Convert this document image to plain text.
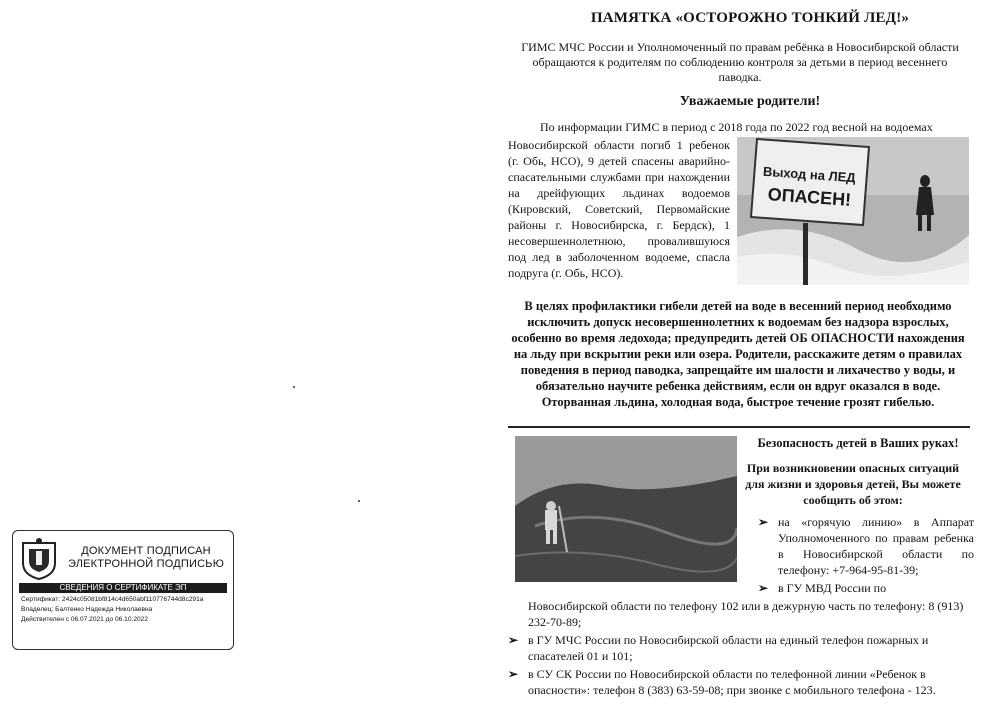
ПАМЯТКА «ОСТОРОЖНО ТОНКИЙ ЛЕД!»
ГИМС МЧС России и Уполномоченный по правам ребёнка в Новосибирской области обращаются к родителям по соблюдению контроля за детьми в период весеннего паводка.
Уважаемые родители!
По информации ГИМС в период с 2018 года по 2022 год весной на водоемах
Новосибирской области погиб 1 ребенок (г. Обь, НСО), 9 детей спасены аварийно-спасательными службами при нахождении на дрейфующих льдинах водоемов (Кировский, Советский, Первомайские районы г. Новосибирска, г. Бердск), 1 несовершеннолетнюю, провалившуюся под лед в заболоченном водоеме, спасла подруга (г. Обь, НСО).
Выход на ЛЕД
ОПАСЕН!
В целях профилактики гибели детей на воде в весенний период необходимо исключить допуск несовершеннолетних к водоемам без надзора взрослых, особенно во время ледохода; предупредить детей ОБ ОПАСНОСТИ нахождения на льду при вскрытии реки или озера. Родители, расскажите детям о правилах поведения в период паводка, запрещайте им шалости и лихачество у воды, и обязательно научите ребенка действиям, если он вдруг оказался в воде. Оторванная льдина, холодная вода, быстрое течение грозят гибелью.
Безопасность детей в Ваших руках!
При возникновении опасных ситуаций для жизни и здоровья детей, Вы можете сообщить об этом:
➢ на «горячую линию» в Аппарат Уполномоченного по правам ребенка в Новосибирской области по телефону: +7-964-95-81-39;
➢ в ГУ МВД России по
Новосибирской области по телефону 102 или в дежурную часть по телефону: 8 (913) 232-70-89;
➢ в ГУ МЧС России по Новосибирской области на единый телефон пожарных и спасателей 01 и 101;
➢ в СУ СК России по Новосибирской области по телефонной линии «Ребенок в опасности»: телефон 8 (383) 63-59-08; при звонке с мобильного телефона - 123.
ДОКУМЕНТ ПОДПИСАН
ЭЛЕКТРОННОЙ ПОДПИСЬЮ
СВЕДЕНИЯ О СЕРТИФИКАТЕ ЭП
Сертификат: 2424c05081bf814c4d650abf110776744d8c291a
Владелец: Балтенко Надежда Николаевна
Действителен с 06.07.2021 до 06.10.2022
